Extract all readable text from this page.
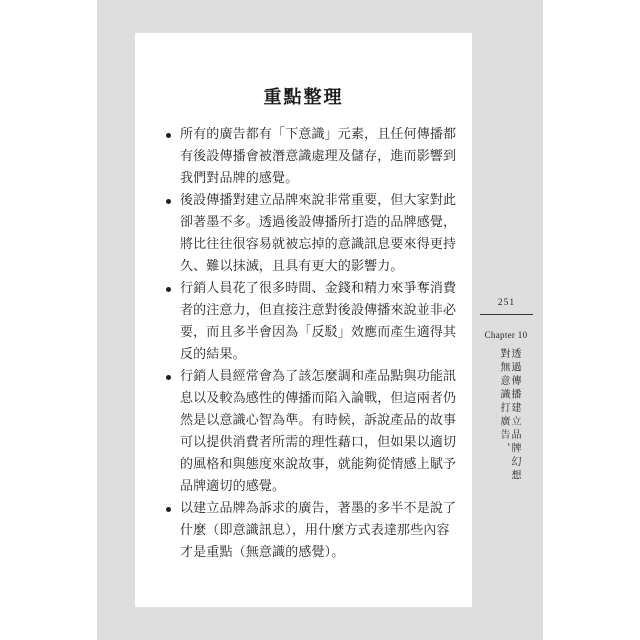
重點整理
所有的廣告都有「下意識」元素，且任何傳播都
有後設傳播會被潛意識處理及儲存，進而影響到
我們對品牌的感覺。
後設傳播對建立品牌來說非常重要，但大家對此
卻著墨不多。透過後設傳播所打造的品牌感覺，
將比往往很容易就被忘掉的意識訊息要來得更持
久、難以抹滅，且具有更大的影響力。
行銷人員花了很多時間、金錢和精力來爭奪消費
者的注意力，但直接注意對後設傳播來說並非必
要，而且多半會因為「反駁」效應而產生適得其
反的結果。
行銷人員經常會為了該怎麼調和產品點與功能訊
息以及較為感性的傳播而陷入論戰，但這兩者仍
然是以意識心智為準。有時候，訴說產品的故事
可以提供消費者所需的理性藉口，但如果以適切
的風格和與態度來說故事，就能夠從情感上賦予
品牌適切的感覺。
以建立品牌為訴求的廣告，著墨的多半不是說了
什麼（即意識訊息），用什麼方式表達那些內容
才是重點（無意識的感覺）。
251
Chapter 10
對無意識打廣告， 透過傳播建立品牌幻想
